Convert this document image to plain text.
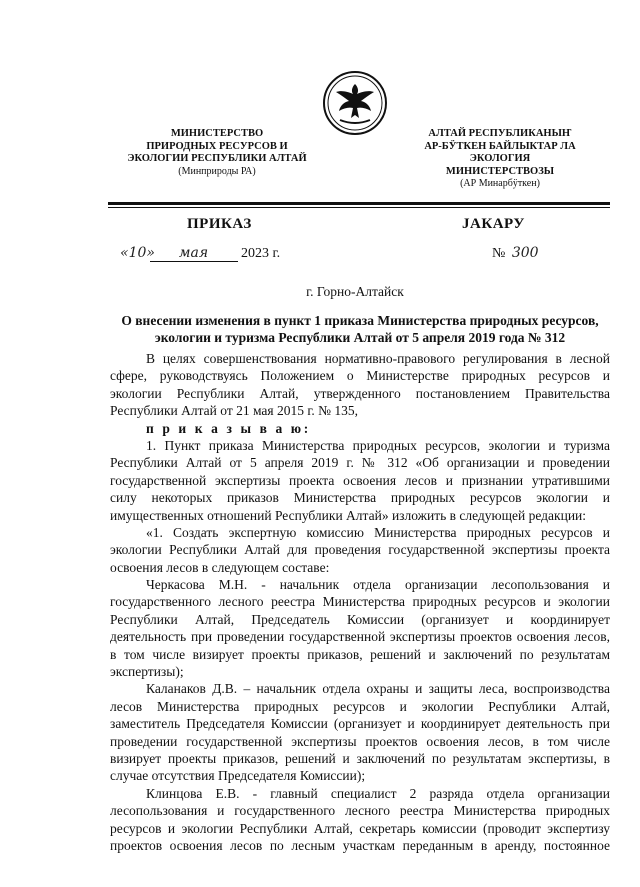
МИНИСТЕРСТВО
ПРИРОДНЫХ РЕСУРСОВ И
ЭКОЛОГИИ РЕСПУБЛИКИ АЛТАЙ
(Минприроды РА)
АЛТАЙ РЕСПУБЛИКАНЫҤ
АР-БӰТКЕН БАЙЛЫКТАР ЛА
ЭКОЛОГИЯ
МИНИСТЕРСТВОЗЫ
(АР Минарбӱткен)
ПРИКАЗ	ЈАКАРУ
«10» мая 2023 г.	№ 300
г. Горно-Алтайск
О внесении изменения в пункт 1 приказа Министерства природных ресурсов,
экологии и туризма Республики Алтай от 5 апреля 2019 года № 312
В целях совершенствования нормативно-правового регулирования в лесной
сфере, руководствуясь Положением о Министерстве природных ресурсов и
экологии Республики Алтай, утвержденного постановлением Правительства
Республики Алтай от 21 мая 2015 г. № 135,
п р и к а з ы в а ю:
1. Пункт приказа Министерства природных ресурсов, экологии и туризма
Республики Алтай от 5 апреля 2019 г. № 312 «Об организации и проведении
государственной экспертизы проекта освоения лесов и признании утратившими
силу некоторых приказов Министерства природных ресурсов экологии и
имущественных отношений Республики Алтай» изложить в следующей редакции:
«1. Создать экспертную комиссию Министерства природных ресурсов и
экологии Республики Алтай для проведения государственной экспертизы проекта
освоения лесов в следующем составе:
Черкасова М.Н. - начальник отдела организации лесопользования и
государственного лесного реестра Министерства природных ресурсов и экологии
Республики Алтай, Председатель Комиссии (организует и координирует
деятельность при проведении государственной экспертизы проектов освоения лесов,
в том числе визирует проекты приказов, решений и заключений по результатам
экспертизы);
Каланаков Д.В. – начальник отдела охраны и защиты леса, воспроизводства
лесов Министерства природных ресурсов и экологии Республики Алтай,
заместитель Председателя Комиссии (организует и координирует деятельность при
проведении государственной экспертизы проектов освоения лесов, в том числе
визирует проекты приказов, решений и заключений по результатам экспертизы, в
случае отсутствия Председателя Комиссии);
Клинцова Е.В. - главный специалист 2 разряда отдела организации
лесопользования и государственного лесного реестра Министерства природных
ресурсов и экологии Республики Алтай, секретарь комиссии (проводит экспертизу
проектов освоения лесов по лесным участкам переданным в аренду, постоянное
